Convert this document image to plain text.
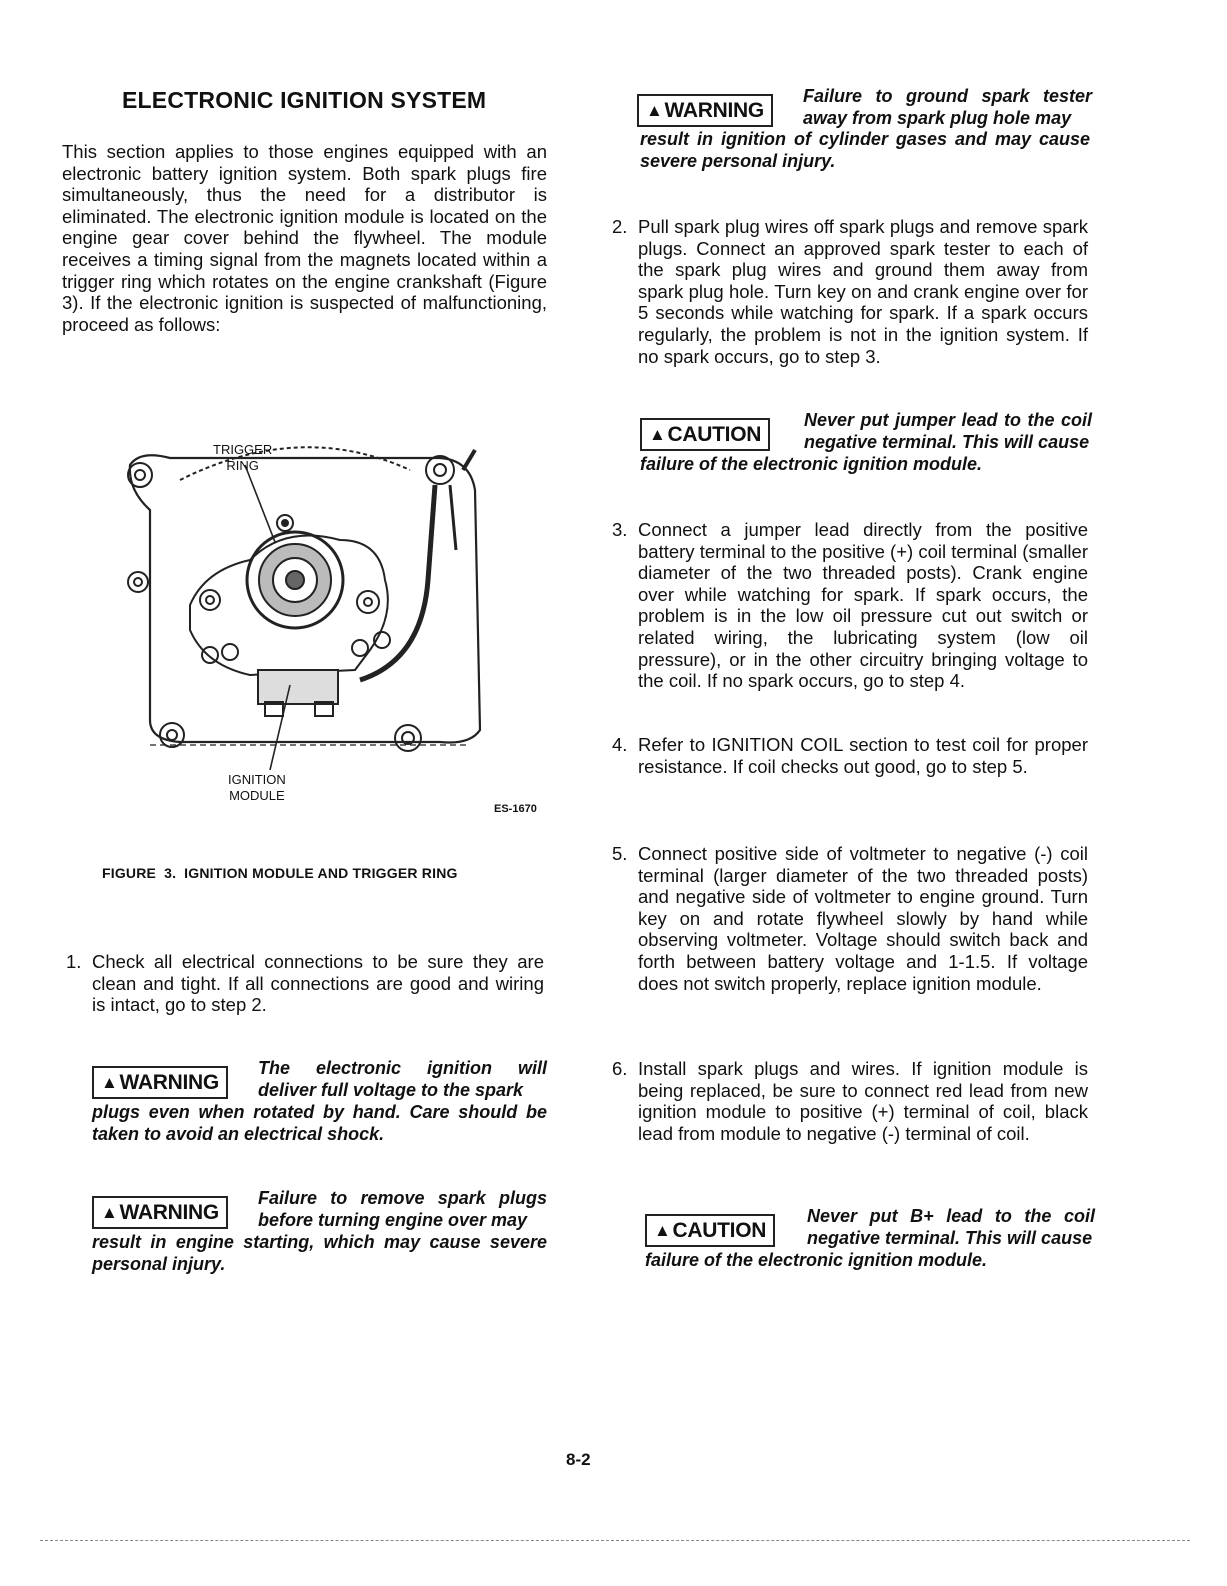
ELECTRONIC IGNITION SYSTEM
This section applies to those engines equipped with an electronic battery ignition system. Both spark plugs fire simultaneously, thus the need for a distributor is eliminated. The electronic ignition module is located on the engine gear cover behind the flywheel. The module receives a timing signal from the magnets located within a trigger ring which rotates on the engine crankshaft (Figure 3). If the electronic ignition is suspected of malfunctioning, proceed as follows:
TRIGGER
RING
IGNITION
MODULE
ES-1670
FIGURE 3. IGNITION MODULE AND TRIGGER RING
1. Check all electrical connections to be sure they are clean and tight. If all connections are good and wiring is intact, go to step 2.
▲WARNING
The electronic ignition will deliver full voltage to the spark
plugs even when rotated by hand. Care should be taken to avoid an electrical shock.
▲WARNING
Failure to remove spark plugs before turning engine over may
result in engine starting, which may cause severe personal injury.
▲WARNING
Failure to ground spark tester away from spark plug hole may
result in ignition of cylinder gases and may cause severe personal injury.
2. Pull spark plug wires off spark plugs and remove spark plugs. Connect an approved spark tester to each of the spark plug wires and ground them away from spark plug hole. Turn key on and crank engine over for 5 seconds while watching for spark. If a spark occurs regularly, the problem is not in the ignition system. If no spark occurs, go to step 3.
▲CAUTION
Never put jumper lead to the coil negative terminal. This will cause
failure of the electronic ignition module.
3. Connect a jumper lead directly from the positive battery terminal to the positive (+) coil terminal (smaller diameter of the two threaded posts). Crank engine over while watching for spark. If spark occurs, the problem is in the low oil pressure cut out switch or related wiring, the lubricating system (low oil pressure), or in the other circuitry bringing voltage to the coil. If no spark occurs, go to step 4.
4. Refer to IGNITION COIL section to test coil for proper resistance. If coil checks out good, go to step 5.
5. Connect positive side of voltmeter to negative (-) coil terminal (larger diameter of the two threaded posts) and negative side of voltmeter to engine ground. Turn key on and rotate flywheel slowly by hand while observing voltmeter. Voltage should switch back and forth between battery voltage and 1-1.5. If voltage does not switch properly, replace ignition module.
6. Install spark plugs and wires. If ignition module is being replaced, be sure to connect red lead from new ignition module to positive (+) terminal of coil, black lead from module to negative (-) terminal of coil.
▲CAUTION
Never put B+ lead to the coil negative terminal. This will cause
failure of the electronic ignition module.
8-2
